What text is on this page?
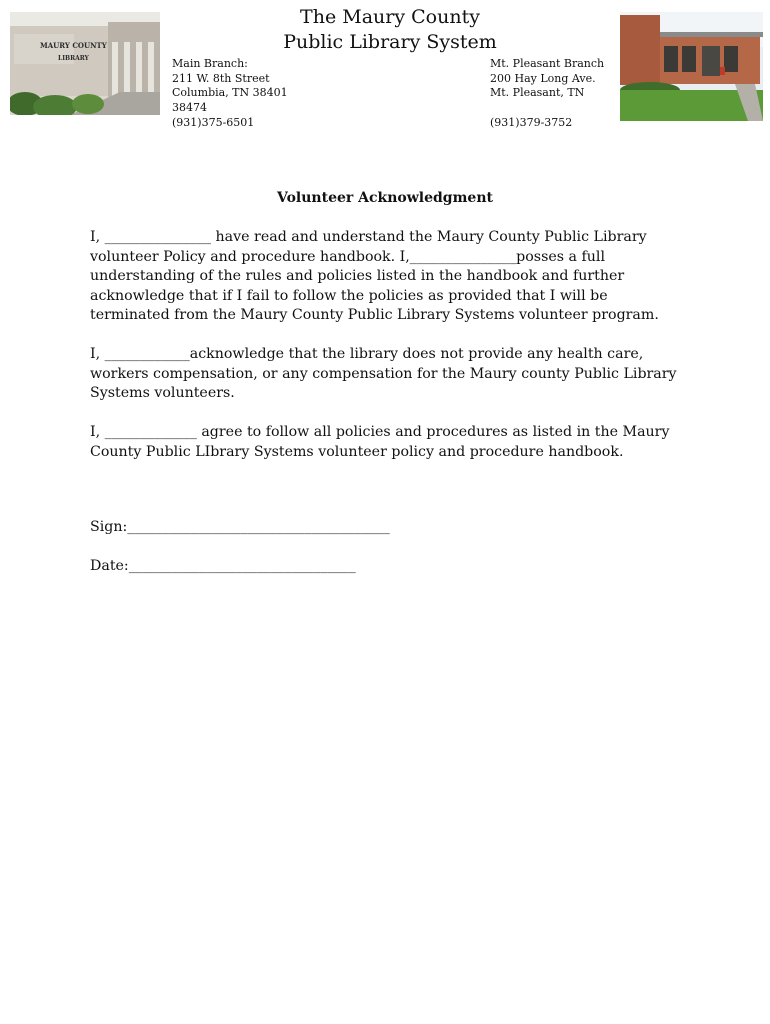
MAURY COUNTY
LIBRARY
The Maury County
Public Library System
Main Branch:
211 W. 8th Street
Columbia, TN 38401
38474
(931)375-6501
Mt. Pleasant Branch
200 Hay Long Ave.
Mt. Pleasant, TN
(931)379-3752
Volunteer Acknowledgment
I, _______________ have read and understand the Maury County Public Library
volunteer Policy and procedure handbook. I,_______________posses a full
understanding of the rules and policies listed in the handbook and further
acknowledge that if I fail to follow the policies as provided that I will be
terminated from the Maury County Public Library Systems volunteer program.
I, ____________acknowledge that the library does not provide any health care,
workers compensation, or any compensation for the Maury county Public Library
Systems volunteers.
I, _____________ agree to follow all policies and procedures as listed in the Maury
County Public LIbrary Systems volunteer policy and procedure handbook.
Sign:_____________________________________
Date:________________________________
